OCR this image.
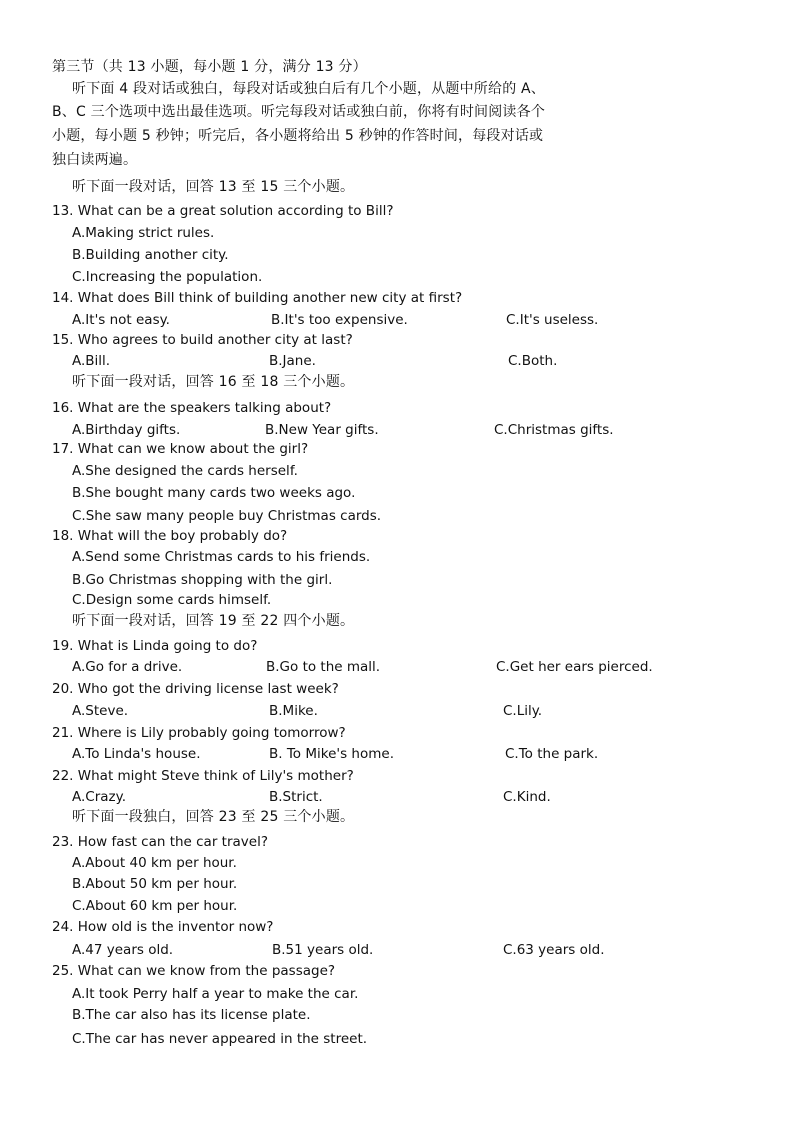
第三节（共 13 小题，每小题 1 分，满分 13 分）
听下面 4 段对话或独白，每段对话或独白后有几个小题，从题中所给的 A、
B、C 三个选项中选出最佳选项。听完每段对话或独白前，你将有时间阅读各个
小题，每小题 5 秒钟；听完后，各小题将给出 5 秒钟的作答时间，每段对话或
独白读两遍。
听下面一段对话，回答 13 至 15 三个小题。
13. What can be a great solution according to Bill?
A.Making strict rules.
B.Building another city.
C.Increasing the population.
14. What does Bill think of building another new city at first?
A.It's not easy.	B.It's too expensive.	C.It's useless.
15. Who agrees to build another city at last?
A.Bill.	B.Jane.	C.Both.
听下面一段对话，回答 16 至 18 三个小题。
16. What are the speakers talking about?
A.Birthday gifts.	B.New Year gifts.	C.Christmas gifts.
17. What can we know about the girl?
A.She designed the cards herself.
B.She bought many cards two weeks ago.
C.She saw many people buy Christmas cards.
18. What will the boy probably do?
A.Send some Christmas cards to his friends.
B.Go Christmas shopping with the girl.
C.Design some cards himself.
听下面一段对话，回答 19 至 22 四个小题。
19. What is Linda going to do?
A.Go for a drive.	B.Go to the mall.	C.Get her ears pierced.
20. Who got the driving license last week?
A.Steve.	B.Mike.	C.Lily.
21. Where is Lily probably going tomorrow?
A.To Linda's house.	B. To Mike's home.	C.To the park.
22. What might Steve think of Lily's mother?
A.Crazy.	B.Strict.	C.Kind.
听下面一段独白，回答 23 至 25 三个小题。
23. How fast can the car travel?
A.About 40 km per hour.
B.About 50 km per hour.
C.About 60 km per hour.
24. How old is the inventor now?
A.47 years old.	B.51 years old.	C.63 years old.
25. What can we know from the passage?
A.It took Perry half a year to make the car.
B.The car also has its license plate.
C.The car has never appeared in the street.
